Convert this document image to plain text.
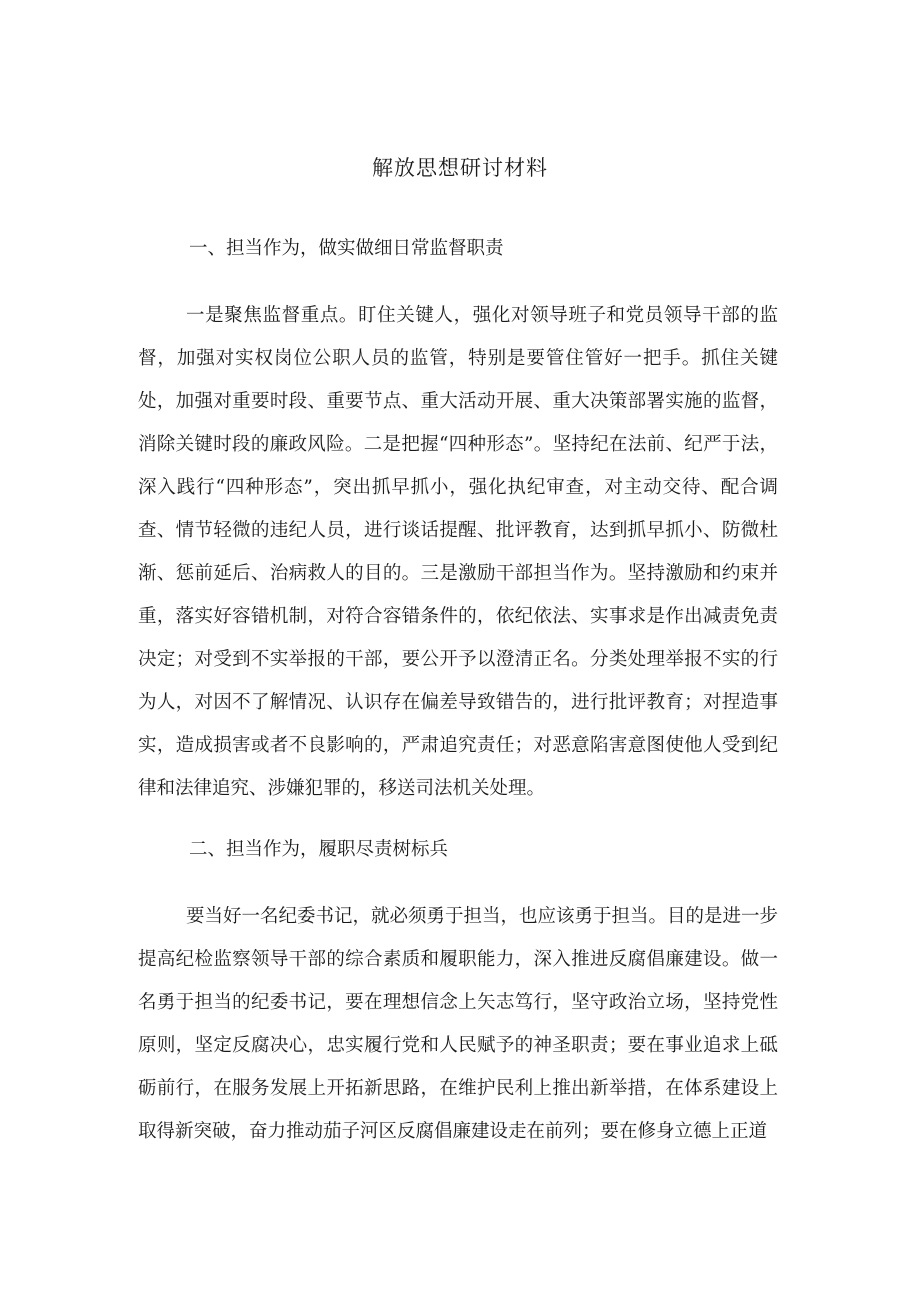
解放思想研讨材料
一、担当作为，做实做细日常监督职责

一是聚焦监督重点。盯住关键人，强化对领导班子和党员领导干部的监督，加强对实权岗位公职人员的监管，特别是要管住管好一把手。抓住关键处，加强对重要时段、重要节点、重大活动开展、重大决策部署实施的监督，消除关键时段的廉政风险。二是把握“四种形态”。坚持纪在法前、纪严于法，深入践行“四种形态”，突出抓早抓小，强化执纪审查，对主动交待、配合调查、情节轻微的违纪人员，进行谈话提醒、批评教育，达到抓早抓小、防微杜渐、惩前延后、治病救人的目的。三是激励干部担当作为。坚持激励和约束并重，落实好容错机制，对符合容错条件的，依纪依法、实事求是作出减责免责决定；对受到不实举报的干部，要公开予以澄清正名。分类处理举报不实的行为人，对因不了解情况、认识存在偏差导致错告的，进行批评教育；对捏造事实，造成损害或者不良影响的，严肃追究责任；对恶意陷害意图使他人受到纪律和法律追究、涉嫌犯罪的，移送司法机关处理。

二、担当作为，履职尽责树标兵

要当好一名纪委书记，就必须勇于担当，也应该勇于担当。目的是进一步提高纪检监察领导干部的综合素质和履职能力，深入推进反腐倡廉建设。做一名勇于担当的纪委书记，要在理想信念上矢志笃行，坚守政治立场，坚持党性原则，坚定反腐决心，忠实履行党和人民赋予的神圣职责；要在事业追求上砥砺前行，在服务发展上开拓新思路，在维护民利上推出新举措，在体系建设上取得新突破，奋力推动茄子河区反腐倡廉建设走在前列；要在修身立德上正道
